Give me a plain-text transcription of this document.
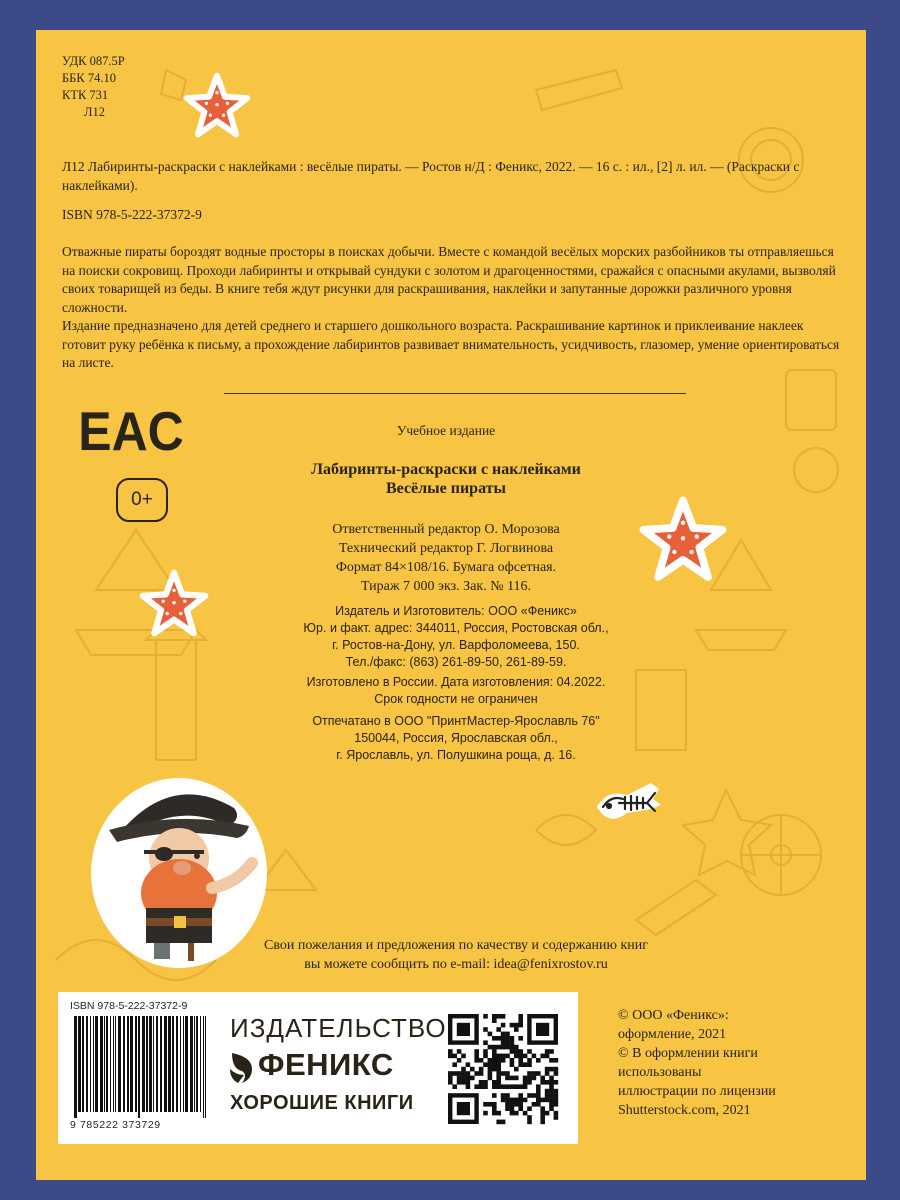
УДК 087.5Р
ББК 74.10
КТК 731
Л12
Л12 Лабиринты-раскраски с наклейками : весёлые пираты. — Ростов н/Д : Феникс, 2022. — 16 с. : ил., [2] л. ил. — (Раскраски с наклейками).
ISBN 978-5-222-37372-9
Отважные пираты бороздят водные просторы в поисках добычи. Вместе с командой весёлых морских разбойников ты отправляешься на поиски сокровищ. Проходи лабиринты и открывай сундуки с золотом и драгоценностями, сражайся с опасными акулами, вызволяй своих товарищей из беды. В книге тебя ждут рисунки для раскрашивания, наклейки и запутанные дорожки различного уровня сложности.
Издание предназначено для детей среднего и старшего дошкольного возраста. Раскрашивание картинок и приклеивание наклеек готовит руку ребёнка к письму, а прохождение лабиринтов развивает внимательность, усидчивость, глазомер, умение ориентироваться на листе.
EAC
0+
Учебное издание
Лабиринты-раскраски с наклейками
Весёлые пираты
Ответственный редактор О. Морозова
Технический редактор Г. Логвинова
Формат 84×108/16. Бумага офсетная.
Тираж 7 000 экз. Зак. № 116.
Издатель и Изготовитель: ООО «Феникс»
Юр. и факт. адрес: 344011, Россия, Ростовская обл.,
г. Ростов-на-Дону, ул. Варфоломеева, 150.
Тел./факс: (863) 261-89-50, 261-89-59.
Изготовлено в России. Дата изготовления: 04.2022.
Срок годности не ограничен
Отпечатано в ООО "ПринтМастер-Ярославль 76"
150044, Россия, Ярославская обл.,
г. Ярославль, ул. Полушкина роща, д. 16.
Свои пожелания и предложения по качеству и содержанию книг
вы можете сообщить по e-mail: idea@fenixrostov.ru
ISBN 978-5-222-37372-9
9 785222 373729
ИЗДАТЕЛЬСТВО
ФЕНИКС
ХОРОШИЕ КНИГИ
© ООО «Феникс»:
оформление, 2021
© В оформлении книги
использованы
иллюстрации по лицензии
Shutterstock.com, 2021
